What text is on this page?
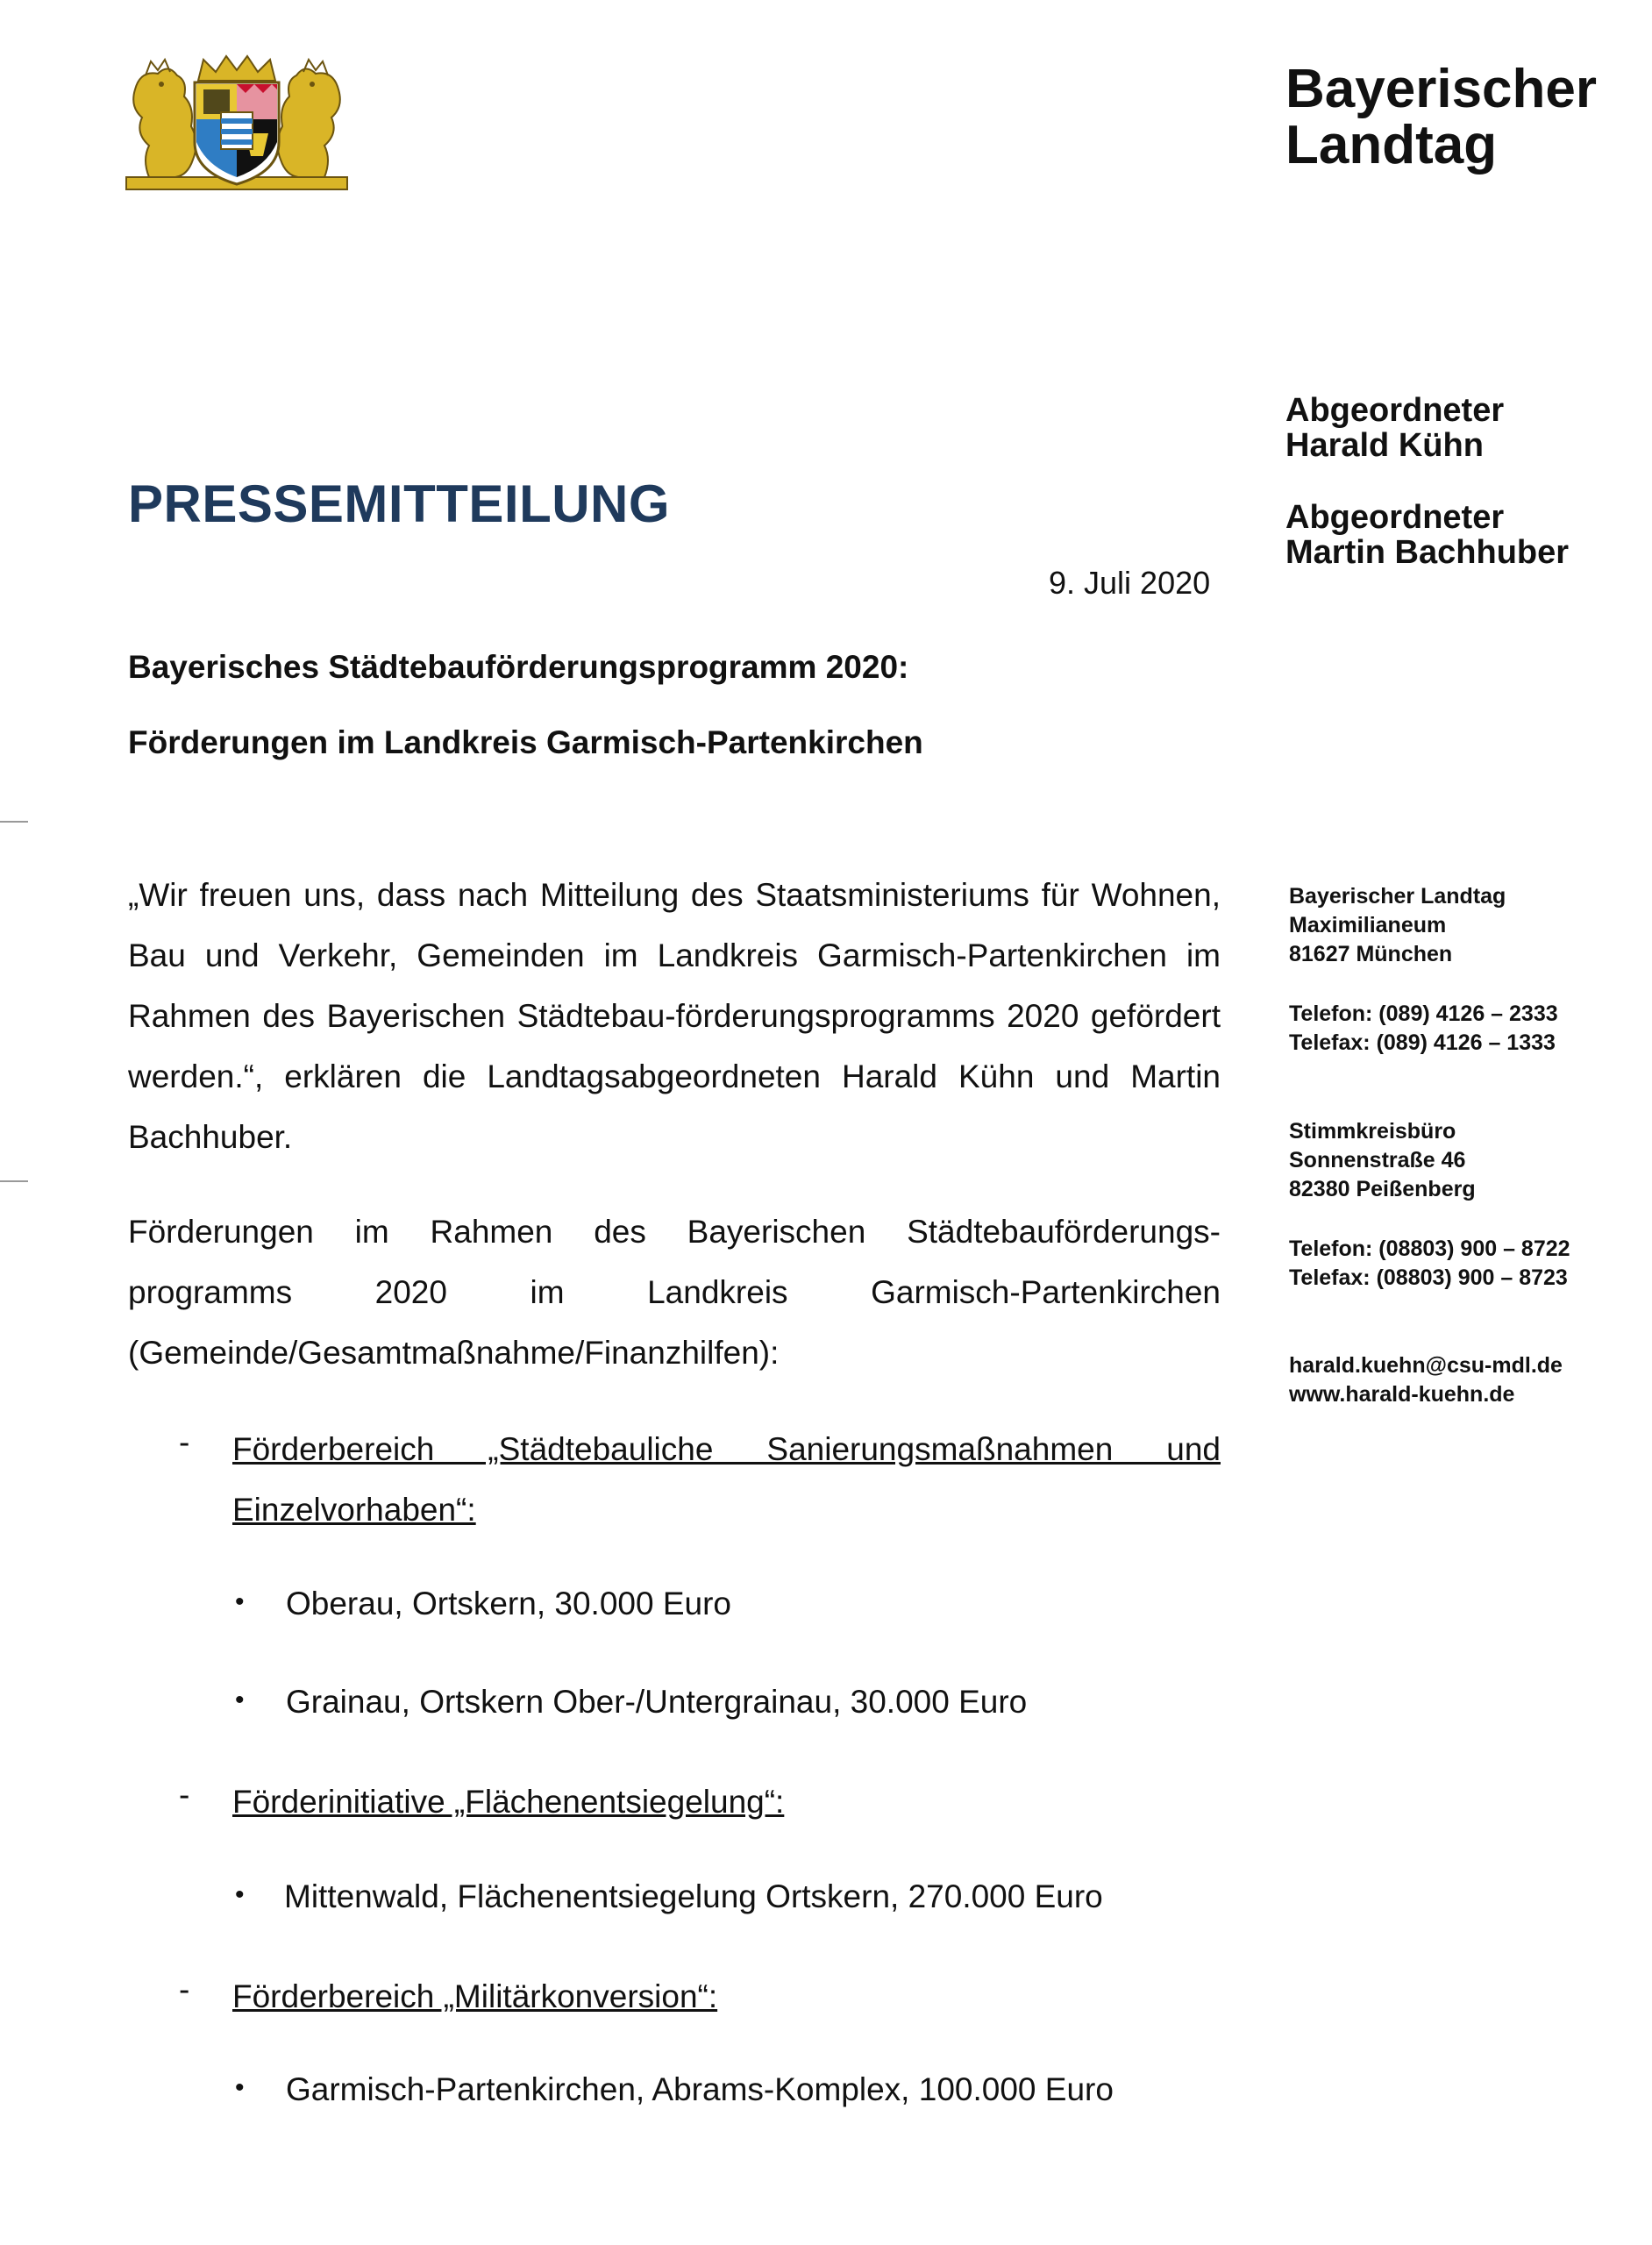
Bayerischer
Landtag
Abgeordneter
Harald Kühn
Abgeordneter
Martin Bachhuber
PRESSEMITTEILUNG
9. Juli 2020
Bayerisches Städtebauförderungsprogramm 2020:
Förderungen im Landkreis Garmisch-Partenkirchen
„Wir freuen uns, dass nach Mitteilung des Staatsministeriums für Wohnen, Bau und Verkehr, Gemeinden im Landkreis Garmisch-Partenkirchen im Rahmen des Bayerischen Städtebau-förderungsprogramms 2020 gefördert werden.“, erklären die Landtagsabgeordneten Harald Kühn und Martin Bachhuber.
Förderungen im Rahmen des Bayerischen Städtebauförderungs-programms 2020 im Landkreis Garmisch-Partenkirchen (Gemeinde/Gesamtmaßnahme/Finanzhilfen):
- Förderbereich „Städtebauliche Sanierungsmaßnahmen und Einzelvorhaben“:
• Oberau, Ortskern, 30.000 Euro
• Grainau, Ortskern Ober-/Untergrainau, 30.000 Euro
- Förderinitiative „Flächenentsiegelung“:
• Mittenwald, Flächenentsiegelung Ortskern, 270.000 Euro
- Förderbereich „Militärkonversion“:
• Garmisch-Partenkirchen, Abrams-Komplex, 100.000 Euro
Bayerischer Landtag
Maximilianeum
81627 München
Telefon: (089) 4126 – 2333
Telefax: (089) 4126 – 1333
Stimmkreisbüro
Sonnenstraße 46
82380 Peißenberg
Telefon: (08803) 900 – 8722
Telefax: (08803) 900 – 8723
harald.kuehn@csu-mdl.de
www.harald-kuehn.de
